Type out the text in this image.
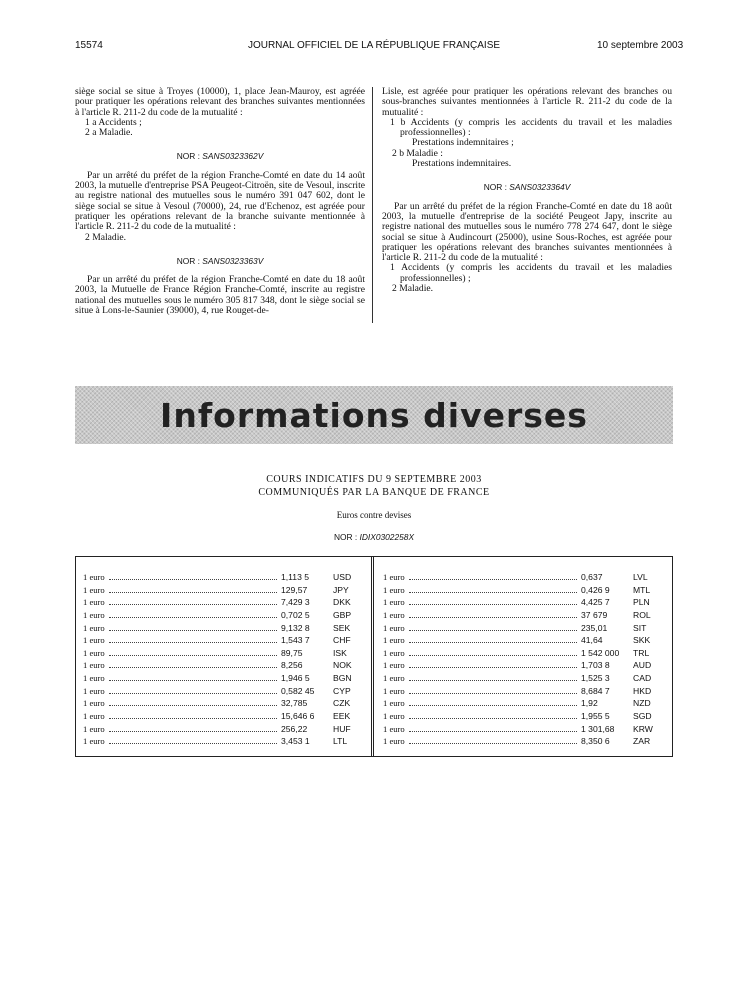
15574	JOURNAL OFFICIEL DE LA RÉPUBLIQUE FRANÇAISE	10 septembre 2003

siège social se situe à Troyes (10000), 1, place Jean-Mauroy, est agréée pour pratiquer les opérations relevant des branches suivantes mentionnées à l'article R. 211-2 du code de la mutualité :

1 a Accidents ;

2 a Maladie.

NOR : SANS0323362V

Par un arrêté du préfet de la région Franche-Comté en date du 14 août 2003, la mutuelle d'entreprise PSA Peugeot-Citroën, site de Vesoul, inscrite au registre national des mutuelles sous le numéro 391 047 602, dont le siège social se situe à Vesoul (70000), 24, rue d'Echenoz, est agréée pour pratiquer les opérations relevant de la branche suivante mentionnée à l'article R. 211-2 du code de la mutualité :

2 Maladie.

NOR : SANS0323363V

Par un arrêté du préfet de la région Franche-Comté en date du 18 août 2003, la Mutuelle de France Région Franche-Comté, inscrite au registre national des mutuelles sous le numéro 305 817 348, dont le siège social se situe à Lons-le-Saunier (39000), 4, rue Rouget-de-

Lisle, est agréée pour pratiquer les opérations relevant des branches ou sous-branches suivantes mentionnées à l'article R. 211-2 du code de la mutualité :

1 b Accidents (y compris les accidents du travail et les maladies professionnelles) :

Prestations indemnitaires ;

2 b Maladie :

Prestations indemnitaires.

NOR : SANS0323364V

Par un arrêté du préfet de la région Franche-Comté en date du 18 août 2003, la mutuelle d'entreprise de la société Peugeot Japy, inscrite au registre national des mutuelles sous le numéro 778 274 647, dont le siège social se situe à Audincourt (25000), usine Sous-Roches, est agréée pour pratiquer les opérations relevant des branches suivantes mentionnées à l'article R. 211-2 du code de la mutualité :

1 Accidents (y compris les accidents du travail et les maladies professionnelles) ;

2 Maladie.

Informations diverses
COURS INDICATIFS DU 9 SEPTEMBRE 2003
COMMUNIQUÉS PAR LA BANQUE DE FRANCE
Euros contre devises
NOR : IDIX0302258X
1 euro	1,113 5	USD
1 euro	129,57	JPY
1 euro	7,429 3	DKK
1 euro	0,702 5	GBP
1 euro	9,132 8	SEK
1 euro	1,543 7	CHF
1 euro	89,75	ISK
1 euro	8,256	NOK
1 euro	1,946 5	BGN
1 euro	0,582 45	CYP
1 euro	32,785	CZK
1 euro	15,646 6	EEK
1 euro	256,22	HUF
1 euro	3,453 1	LTL
1 euro	0,637	LVL
1 euro	0,426 9	MTL
1 euro	4,425 7	PLN
1 euro	37 679	ROL
1 euro	235,01	SIT
1 euro	41,64	SKK
1 euro	1 542 000	TRL
1 euro	1,703 8	AUD
1 euro	1,525 3	CAD
1 euro	8,684 7	HKD
1 euro	1,92	NZD
1 euro	1,955 5	SGD
1 euro	1 301,68	KRW
1 euro	8,350 6	ZAR
